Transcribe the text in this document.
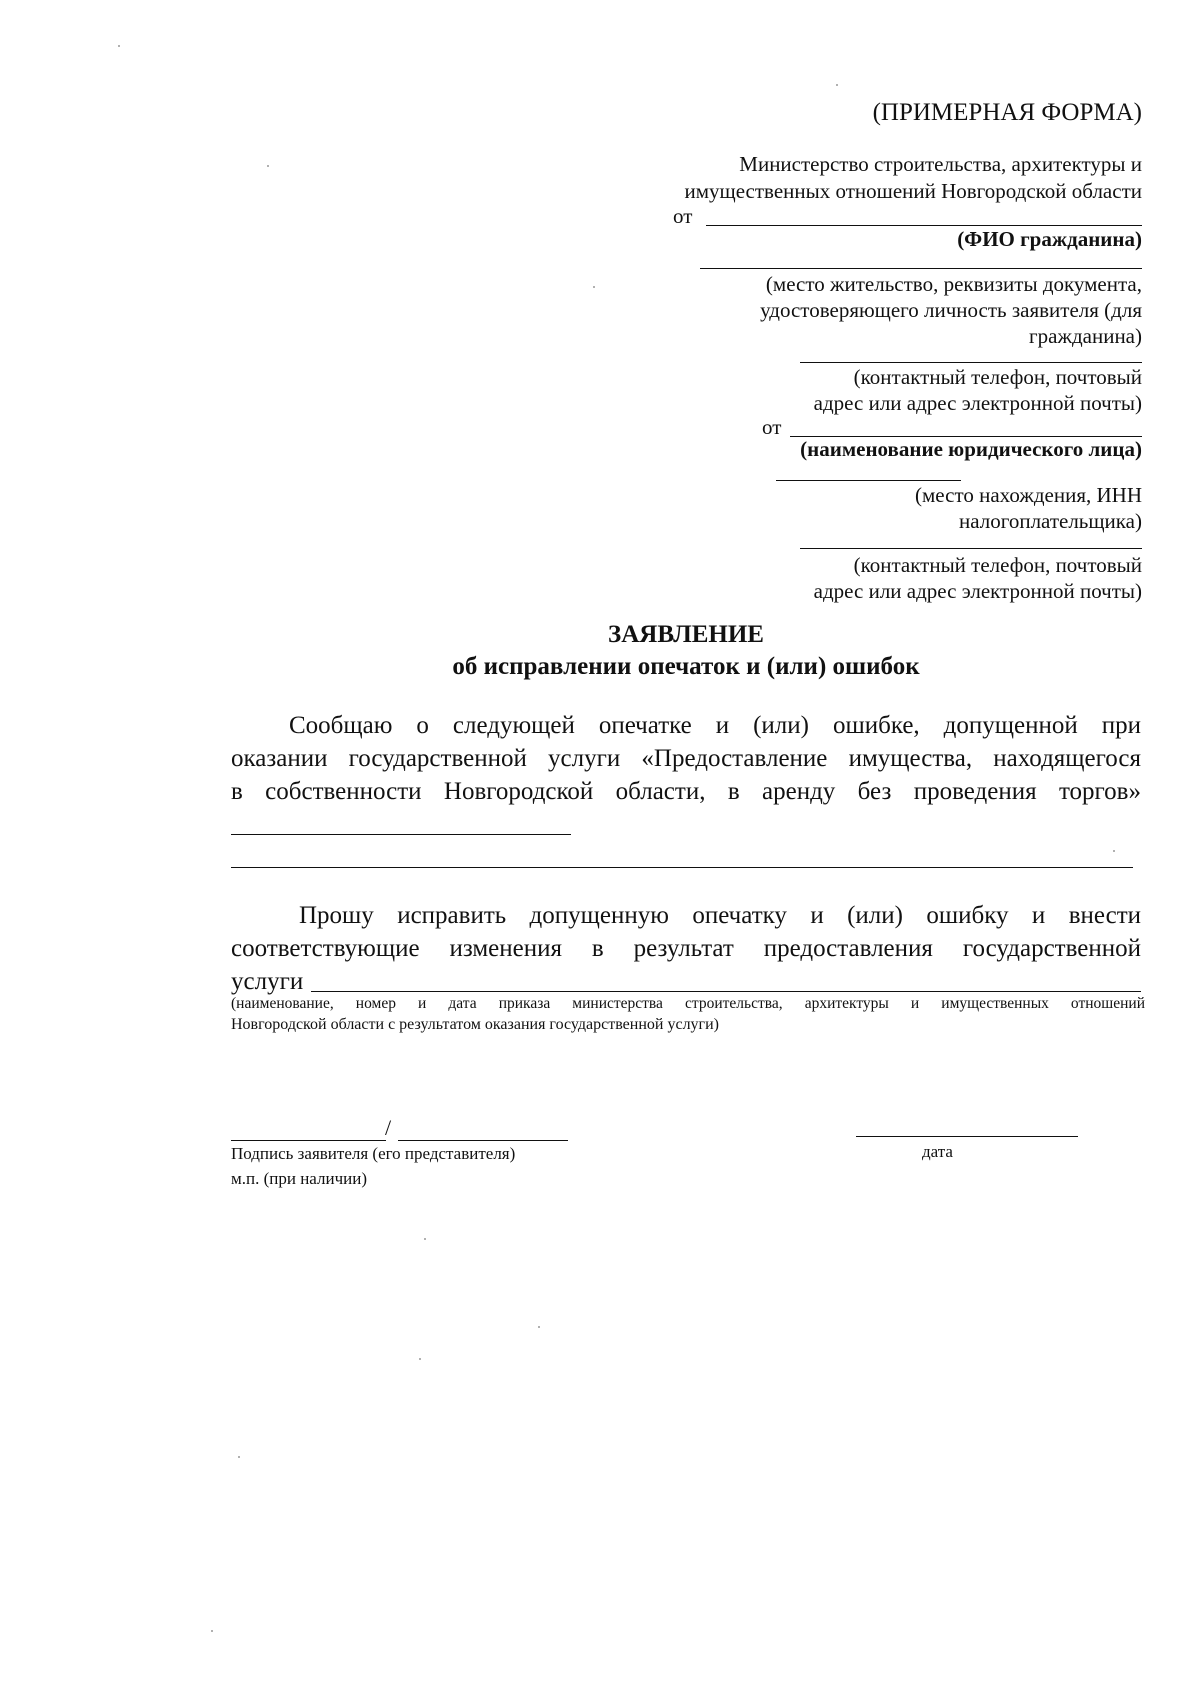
(ПРИМЕРНАЯ ФОРМА)
Министерство строительства, архитектуры и
имущественных отношений Новгородской области
от
(ФИО гражданина)
(место жительство, реквизиты документа,
удостоверяющего личность заявителя (для
гражданина)
(контактный телефон, почтовый
адрес или адрес электронной почты)
от
(наименование юридического лица)
(место нахождения, ИНН
налогоплательщика)
(контактный телефон, почтовый
адрес или адрес электронной почты)
ЗАЯВЛЕНИЕ
об исправлении опечаток и (или) ошибок
Сообщаю о следующей опечатке и (или) ошибке, допущенной при
оказании государственной услуги «Предоставление имущества, находящегося
в собственности Новгородской области, в аренду без проведения торгов»
Прошу исправить допущенную опечатку и (или) ошибку и внести
соответствующие изменения в результат предоставления государственной
услуги
(наименование, номер и дата приказа министерства строительства, архитектуры и имущественных отношений
Новгородской области с результатом оказания государственной услуги)
/
Подпись заявителя (его представителя)
м.п. (при наличии)
дата
